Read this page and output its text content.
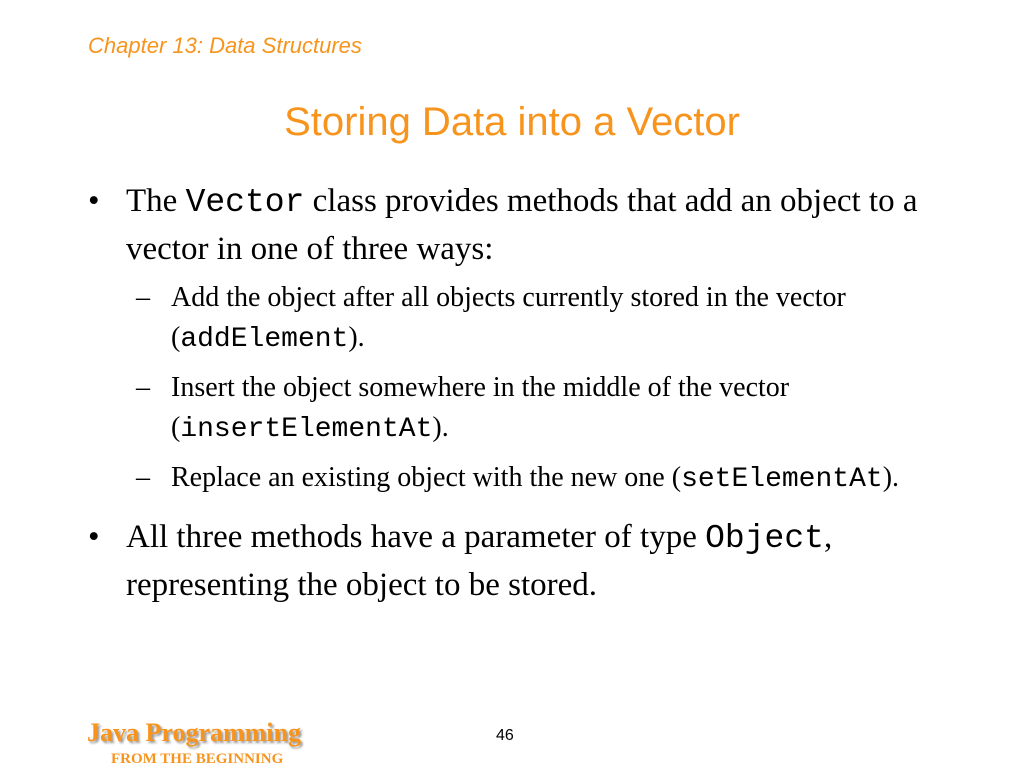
Chapter 13: Data Structures
Storing Data into a Vector
• The Vector class provides methods that add an object to a vector in one of three ways:
– Add the object after all objects currently stored in the vector (addElement).
– Insert the object somewhere in the middle of the vector (insertElementAt).
– Replace an existing object with the new one (setElementAt).
• All three methods have a parameter of type Object, representing the object to be stored.
Java Programming
FROM THE BEGINNING
46
